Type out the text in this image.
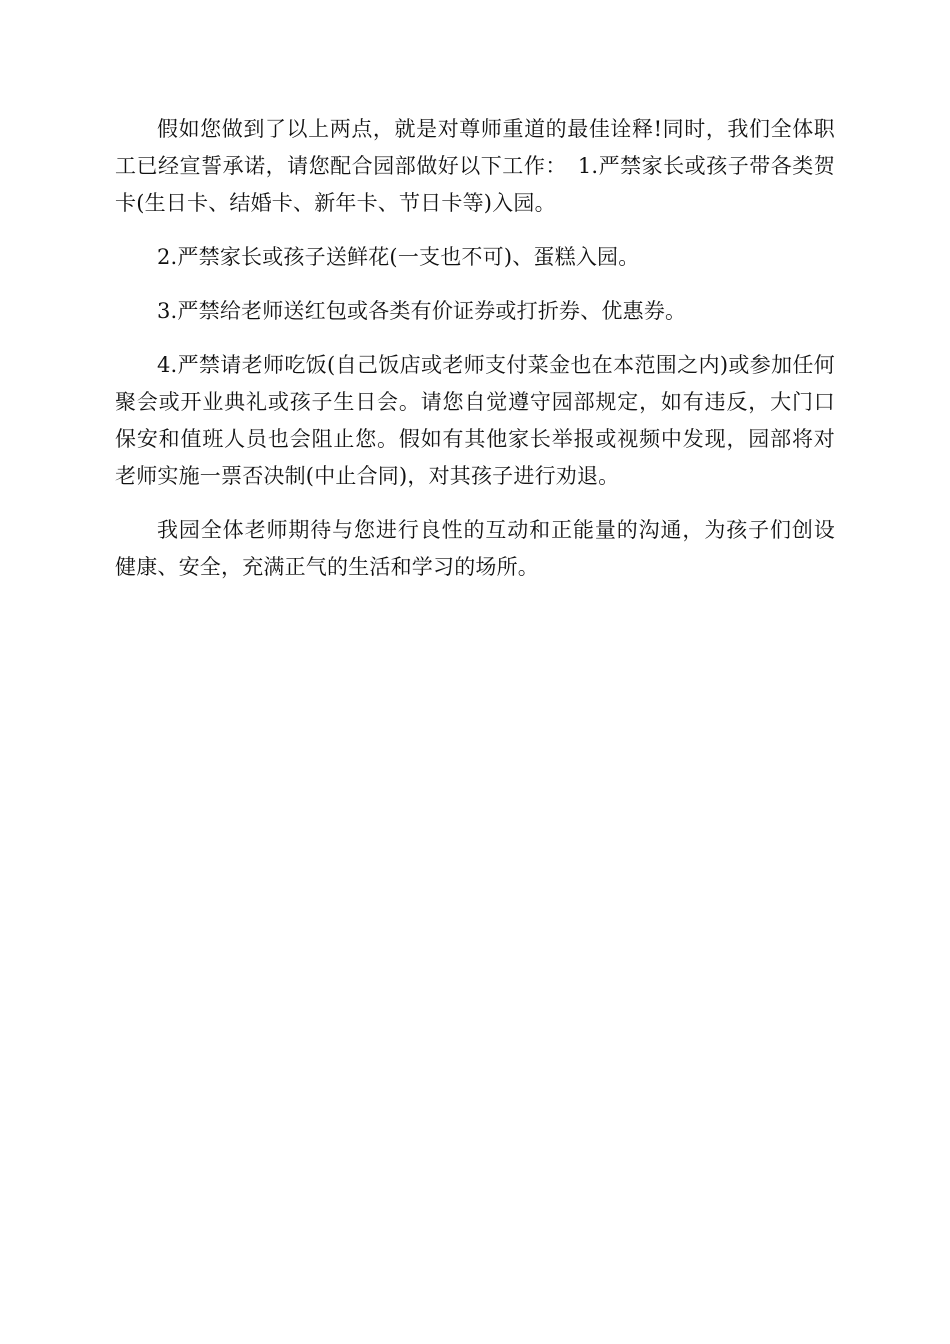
假如您做到了以上两点，就是对尊师重道的最佳诠释!同时，我们全体职工已经宣誓承诺，请您配合园部做好以下工作：　1.严禁家长或孩子带各类贺卡(生日卡、结婚卡、新年卡、节日卡等)入园。

2.严禁家长或孩子送鲜花(一支也不可)、蛋糕入园。

3.严禁给老师送红包或各类有价证券或打折券、优惠券。

4.严禁请老师吃饭(自己饭店或老师支付菜金也在本范围之内)或参加任何聚会或开业典礼或孩子生日会。请您自觉遵守园部规定，如有违反，大门口保安和值班人员也会阻止您。假如有其他家长举报或视频中发现，园部将对老师实施一票否决制(中止合同)，对其孩子进行劝退。

我园全体老师期待与您进行良性的互动和正能量的沟通，为孩子们创设健康、安全，充满正气的生活和学习的场所。
